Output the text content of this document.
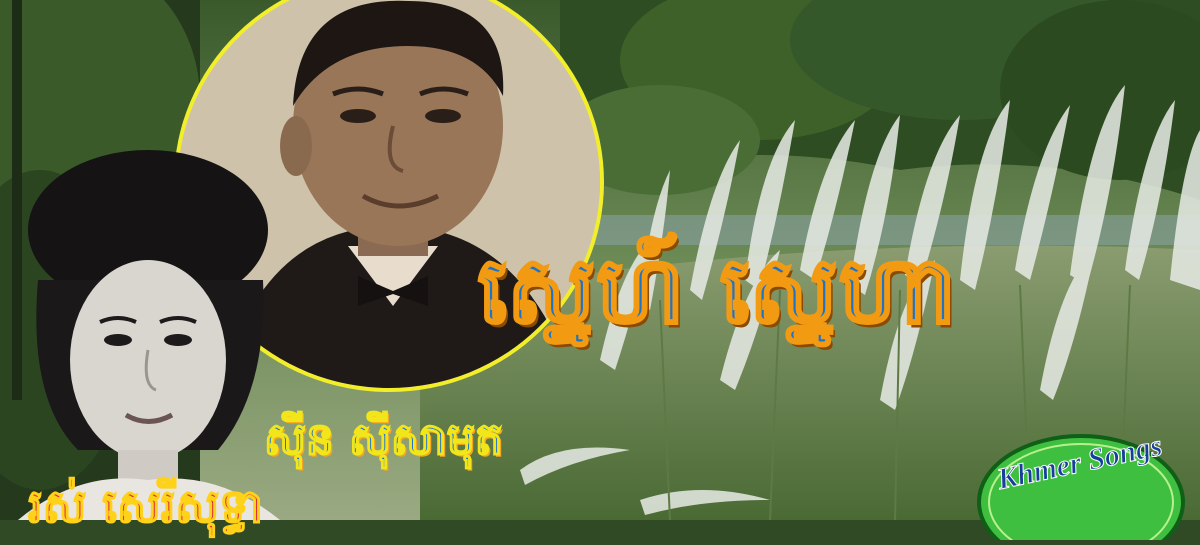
ស្នេហ៍ ស្នេហា
ស៊ីន ស៊ីសាមុត
រស់ សេរីសុទ្ធា
Khmer Songs
